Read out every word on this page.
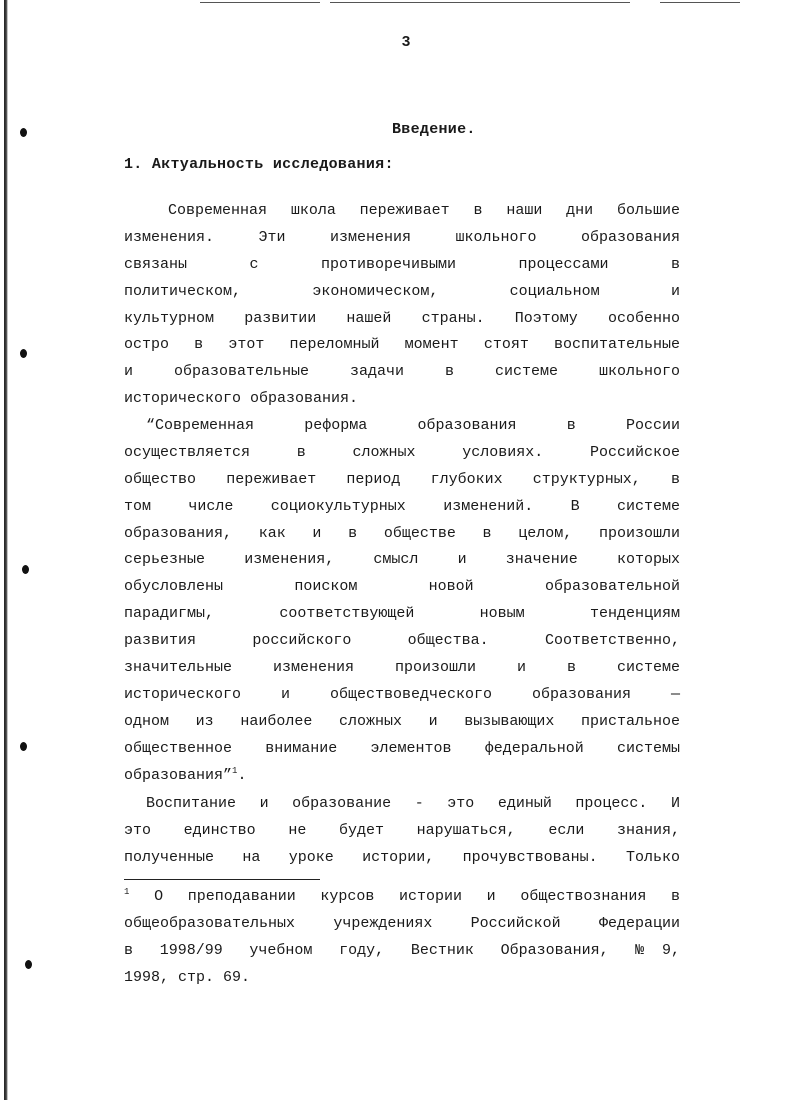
3
Введение.
1. Актуальность исследования:
Современная школа переживает в наши дни большие
изменения. Эти изменения школьного образования
связаны с противоречивыми процессами в
политическом, экономическом, социальном и
культурном развитии нашей страны. Поэтому особенно
остро в этот переломный момент стоят воспитательные
и образовательные задачи в системе школьного
исторического образования.
“Современная реформа образования в России
осуществляется в сложных условиях. Российское
общество переживает период глубоких структурных, в
том числе социокультурных изменений. В системе
образования, как и в обществе в целом, произошли
серьезные изменения, смысл и значение которых
обусловлены поиском новой образовательной
парадигмы, соответствующей новым тенденциям
развития российского общества. Соответственно,
значительные изменения произошли и в системе
исторического и обществоведческого образования —
одном из наиболее сложных и вызывающих пристальное
общественное внимание элементов федеральной системы
образования”$^1$.
Воспитание и образование - это единый процесс. И
это единство не будет нарушаться, если знания,
полученные на уроке истории, прочувствованы. Только
$^1$ О преподавании курсов истории и обществознания в
общеобразовательных учреждениях Российской Федерации
в 1998/99 учебном году, Вестник Образования, №9,
1998, стр. 69.
